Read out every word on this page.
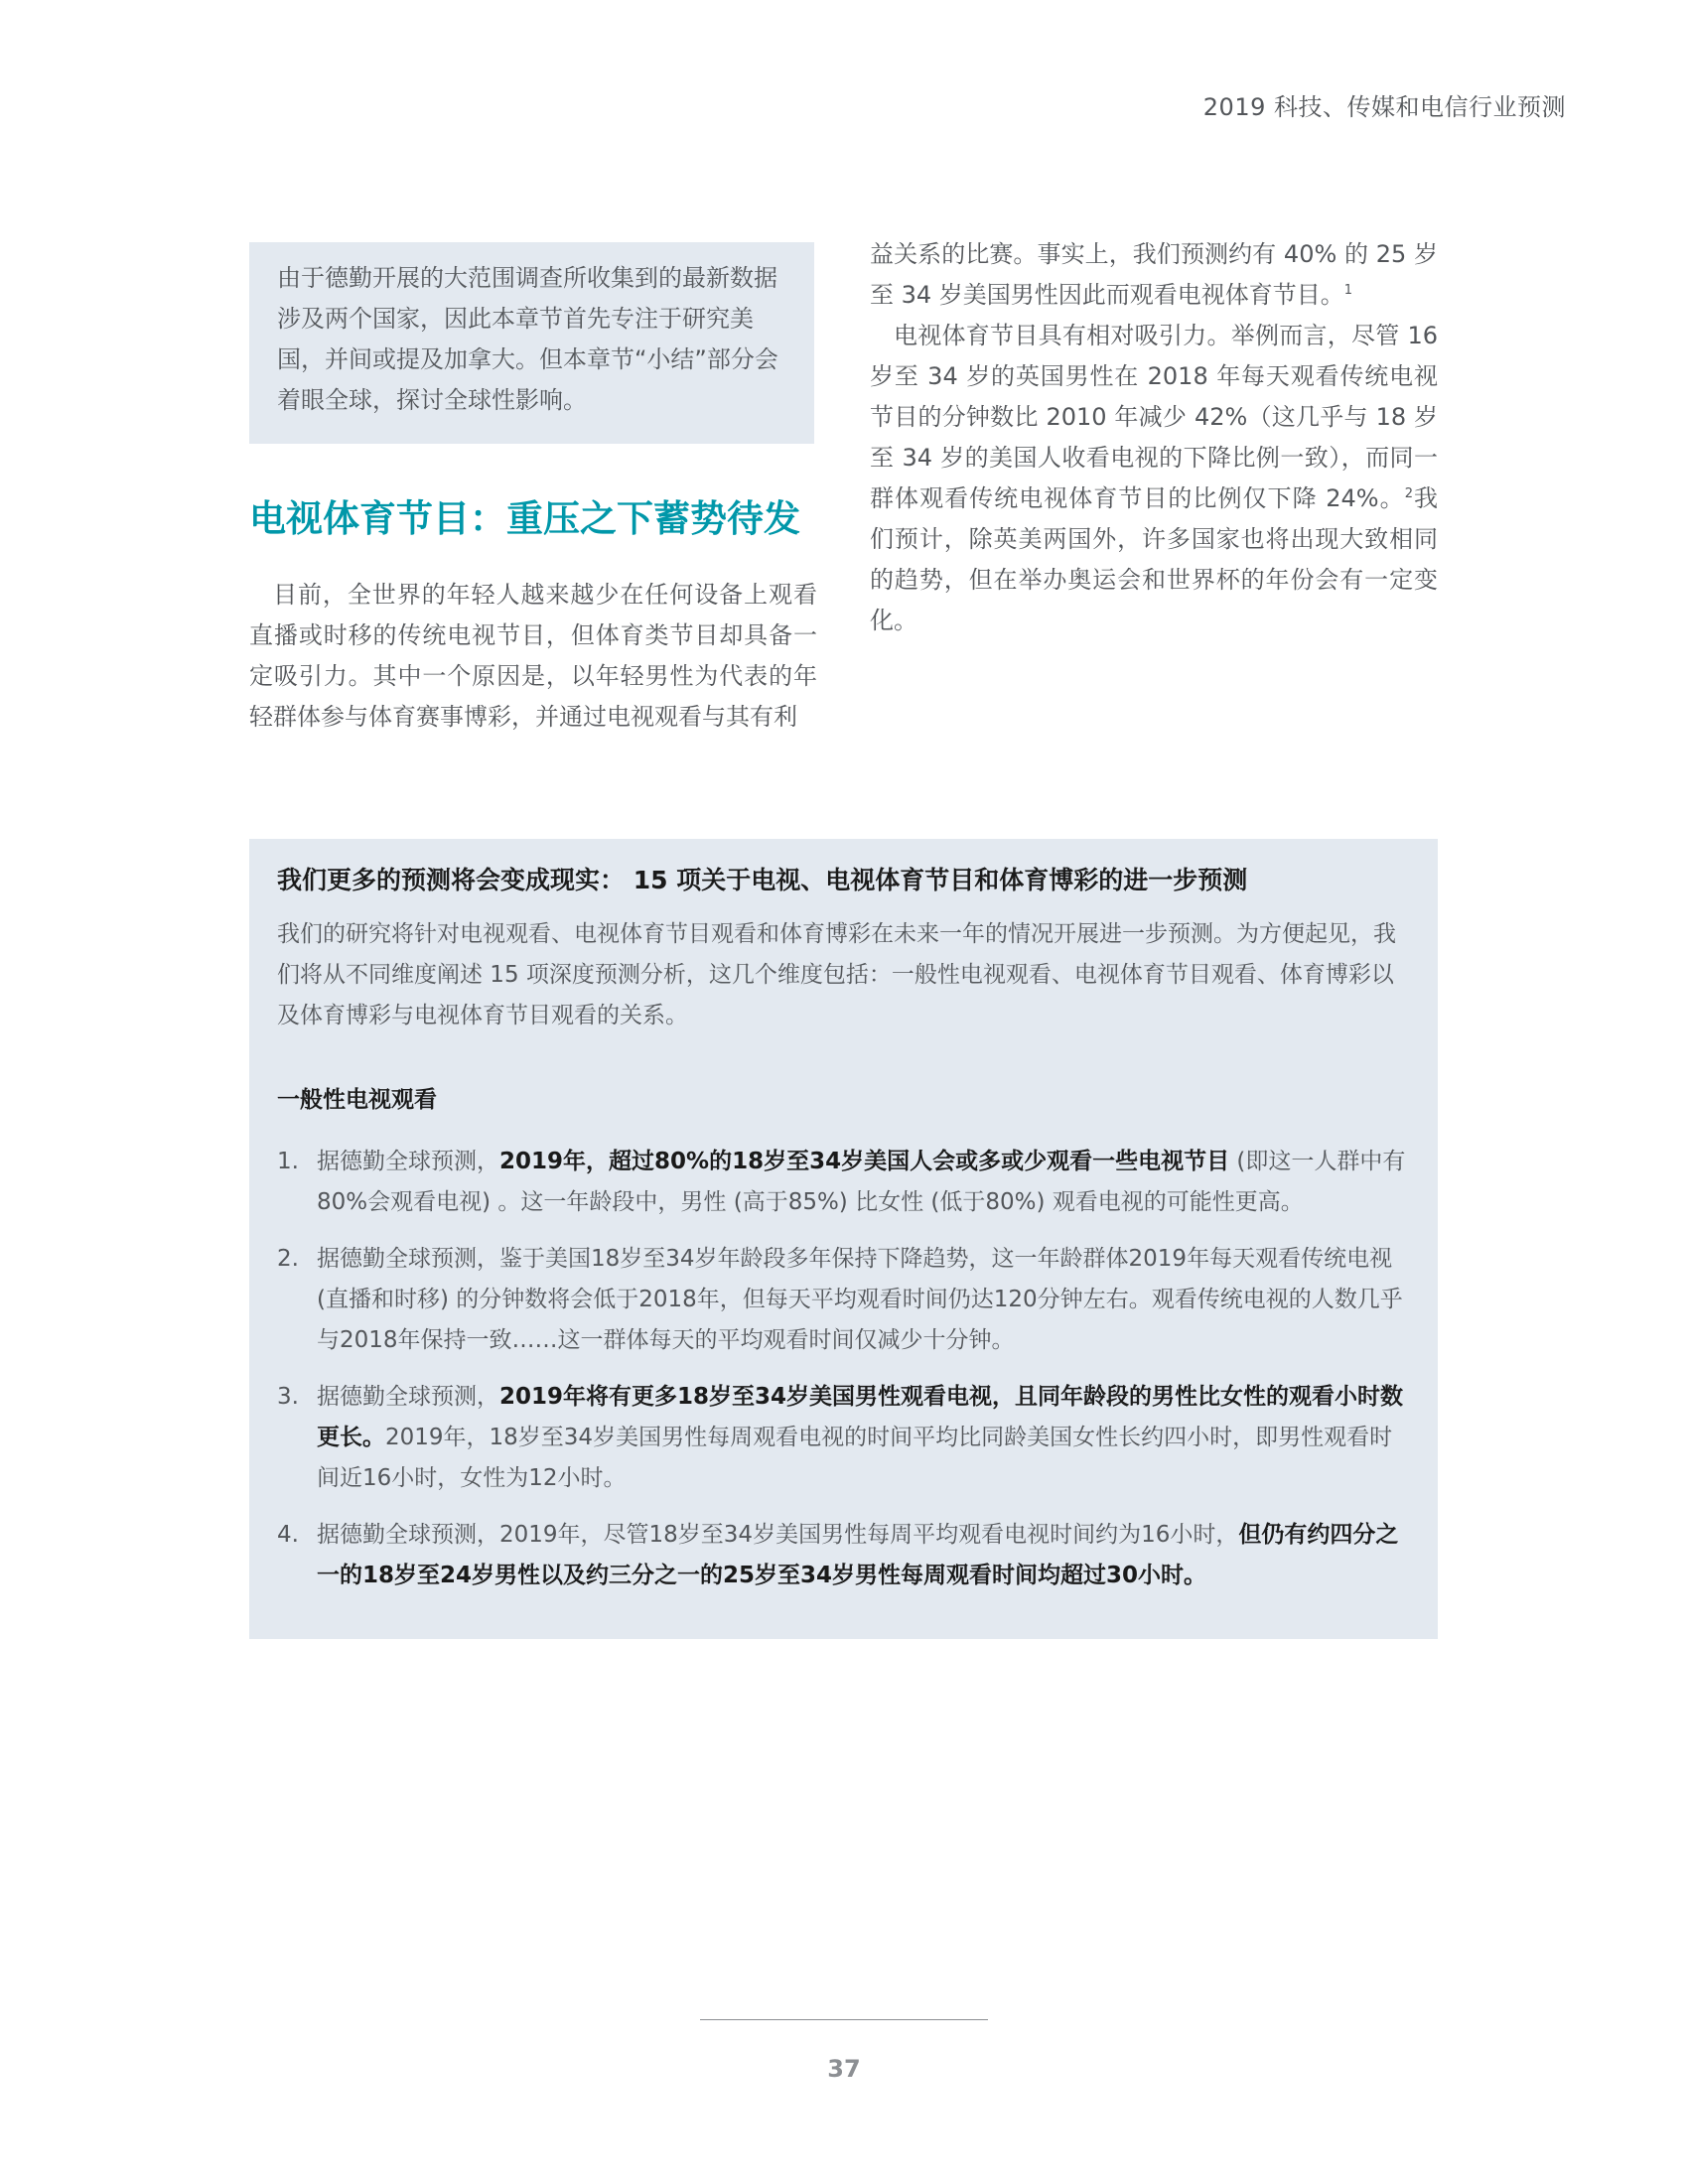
2019 科技、传媒和电信行业预测

由于德勤开展的大范围调查所收集到的最新数据涉及两个国家，因此本章节首先专注于研究美国，并间或提及加拿大。但本章节“小结”部分会着眼全球，探讨全球性影响。

电视体育节目：重压之下蓄势待发

目前，全世界的年轻人越来越少在任何设备上观看直播或时移的传统电视节目，但体育类节目却具备一定吸引力。其中一个原因是，以年轻男性为代表的年轻群体参与体育赛事博彩，并通过电视观看与其有利

益关系的比赛。事实上，我们预测约有 40% 的 25 岁至 34 岁美国男性因此而观看电视体育节目。$^1$

电视体育节目具有相对吸引力。举例而言，尽管 16 岁至 34 岁的英国男性在 2018 年每天观看传统电视节目的分钟数比 2010 年减少 42%（这几乎与 18 岁至 34 岁的美国人收看电视的下降比例一致），而同一群体观看传统电视体育节目的比例仅下降 24%。$^2$我们预计，除英美两国外，许多国家也将出现大致相同的趋势，但在举办奥运会和世界杯的年份会有一定变化。

我们更多的预测将会变成现实： 15 项关于电视、电视体育节目和体育博彩的进一步预测

我们的研究将针对电视观看、电视体育节目观看和体育博彩在未来一年的情况开展进一步预测。为方便起见，我们将从不同维度阐述 15 项深度预测分析，这几个维度包括：一般性电视观看、电视体育节目观看、体育博彩以及体育博彩与电视体育节目观看的关系。

一般性电视观看
1. 据德勤全球预测，2019年，超过80%的18岁至34岁美国人会或多或少观看一些电视节目 (即这一人群中有80%会观看电视) 。这一年龄段中，男性 (高于85%) 比女性 (低于80%) 观看电视的可能性更高。
2. 据德勤全球预测，鉴于美国18岁至34岁年龄段多年保持下降趋势，这一年龄群体2019年每天观看传统电视 (直播和时移) 的分钟数将会低于2018年，但每天平均观看时间仍达120分钟左右。观看传统电视的人数几乎与2018年保持一致……这一群体每天的平均观看时间仅减少十分钟。
3. 据德勤全球预测，2019年将有更多18岁至34岁美国男性观看电视，且同年龄段的男性比女性的观看小时数更长。2019年，18岁至34岁美国男性每周观看电视的时间平均比同龄美国女性长约四小时，即男性观看时间近16小时，女性为12小时。
4. 据德勤全球预测，2019年，尽管18岁至34岁美国男性每周平均观看电视时间约为16小时，但仍有约四分之一的18岁至24岁男性以及约三分之一的25岁至34岁男性每周观看时间均超过30小时。
37
